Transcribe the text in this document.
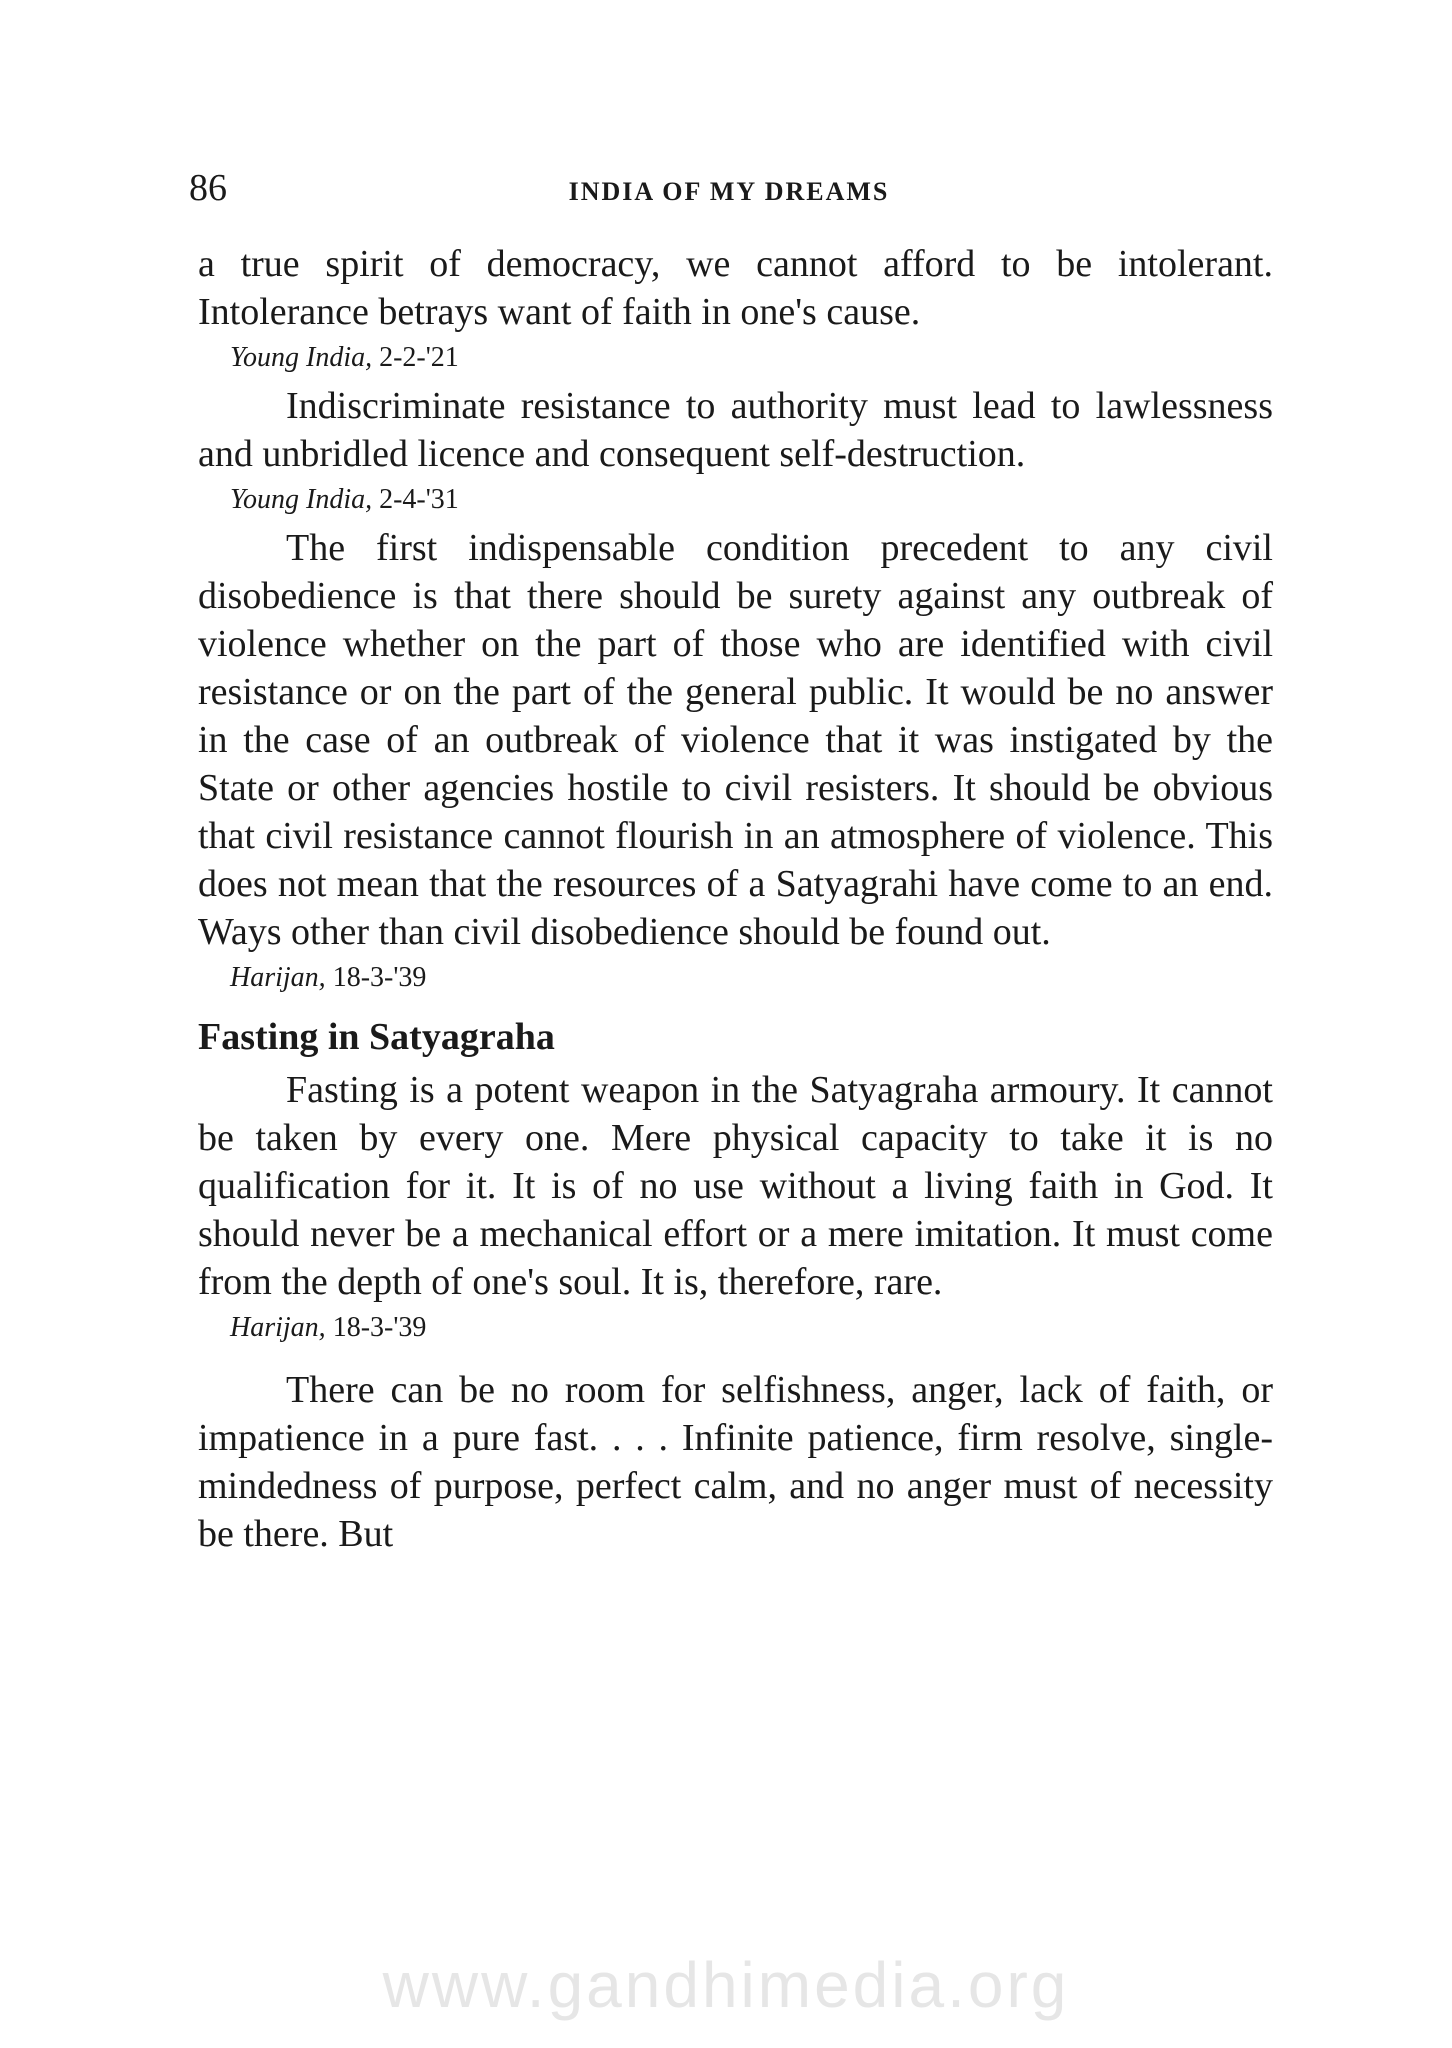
86	INDIA OF MY DREAMS

a true spirit of democracy, we cannot afford to be intolerant. Intolerance betrays want of faith in one's cause.

Young India, 2-2-'21

Indiscriminate resistance to authority must lead to lawlessness and unbridled licence and consequent self-destruction.

Young India, 2-4-'31

The first indispensable condition precedent to any civil disobedience is that there should be surety against any outbreak of violence whether on the part of those who are identified with civil resistance or on the part of the general public. It would be no answer in the case of an outbreak of violence that it was instigated by the State or other agencies hostile to civil resisters. It should be obvious that civil resistance cannot flourish in an atmosphere of violence. This does not mean that the resources of a Satyagrahi have come to an end. Ways other than civil disobedience should be found out.

Harijan, 18-3-'39
Fasting in Satyagraha

Fasting is a potent weapon in the Satyagraha armoury. It cannot be taken by every one. Mere physical capacity to take it is no qualification for it. It is of no use without a living faith in God. It should never be a mechanical effort or a mere imitation. It must come from the depth of one's soul. It is, therefore, rare.

Harijan, 18-3-'39

There can be no room for selfishness, anger, lack of faith, or impatience in a pure fast. . . . Infinite patience, firm resolve, single-mindedness of purpose, perfect calm, and no anger must of necessity be there. But

www.gandhimedia.org
